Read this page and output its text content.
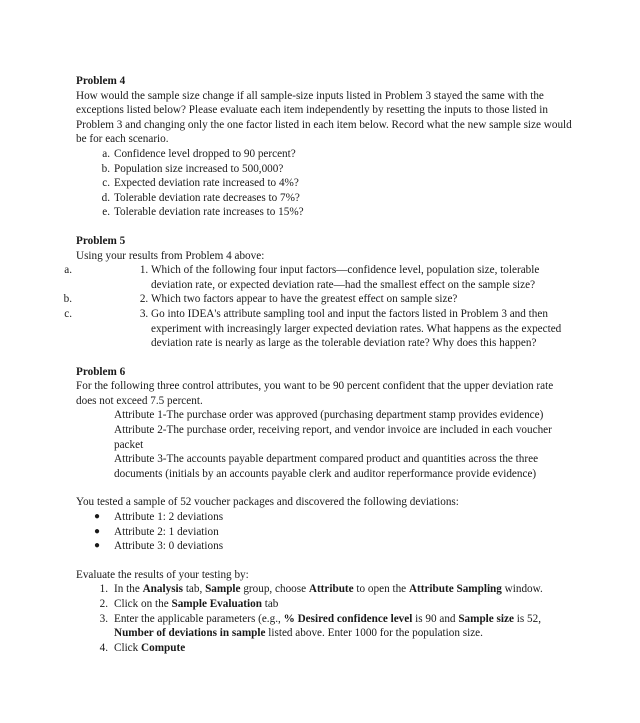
Problem 4

How would the sample size change if all sample-size inputs listed in Problem 3 stayed the same with the exceptions listed below? Please evaluate each item independently by resetting the inputs to those listed in Problem 3 and changing only the one factor listed in each item below. Record what the new sample size would be for each scenario.

a. Confidence level dropped to 90 percent?
b. Population size increased to 500,000?
c. Expected deviation rate increased to 4%?
d. Tolerable deviation rate decreases to 7%?
e. Tolerable deviation rate increases to 15%?

Problem 5

Using your results from Problem 4 above:

1. a.	Which of the following four input factors—confidence level, population size, tolerable deviation rate, or expected deviation rate—had the smallest effect on the sample size?
2. b.	Which two factors appear to have the greatest effect on sample size?
3. c.	Go into IDEA's attribute sampling tool and input the factors listed in Problem 3 and then experiment with increasingly larger expected deviation rates. What happens as the expected deviation rate is nearly as large as the tolerable deviation rate? Why does this happen?

Problem 6

For the following three control attributes, you want to be 90 percent confident that the upper deviation rate does not exceed 7.5 percent.

Attribute 1-The purchase order was approved (purchasing department stamp provides evidence)

Attribute 2-The purchase order, receiving report, and vendor invoice are included in each voucher packet

Attribute 3-The accounts payable department compared product and quantities across the three documents (initials by an accounts payable clerk and auditor reperformance provide evidence)

You tested a sample of 52 voucher packages and discovered the following deviations:

● Attribute 1: 2 deviations
● Attribute 2: 1 deviation
● Attribute 3: 0 deviations

Evaluate the results of your testing by:

1. In the Analysis tab, Sample group, choose Attribute to open the Attribute Sampling window.
2. Click on the Sample Evaluation tab
3. Enter the applicable parameters (e.g., % Desired confidence level is 90 and Sample size is 52, Number of deviations in sample listed above. Enter 1000 for the population size.
4. Click Compute
